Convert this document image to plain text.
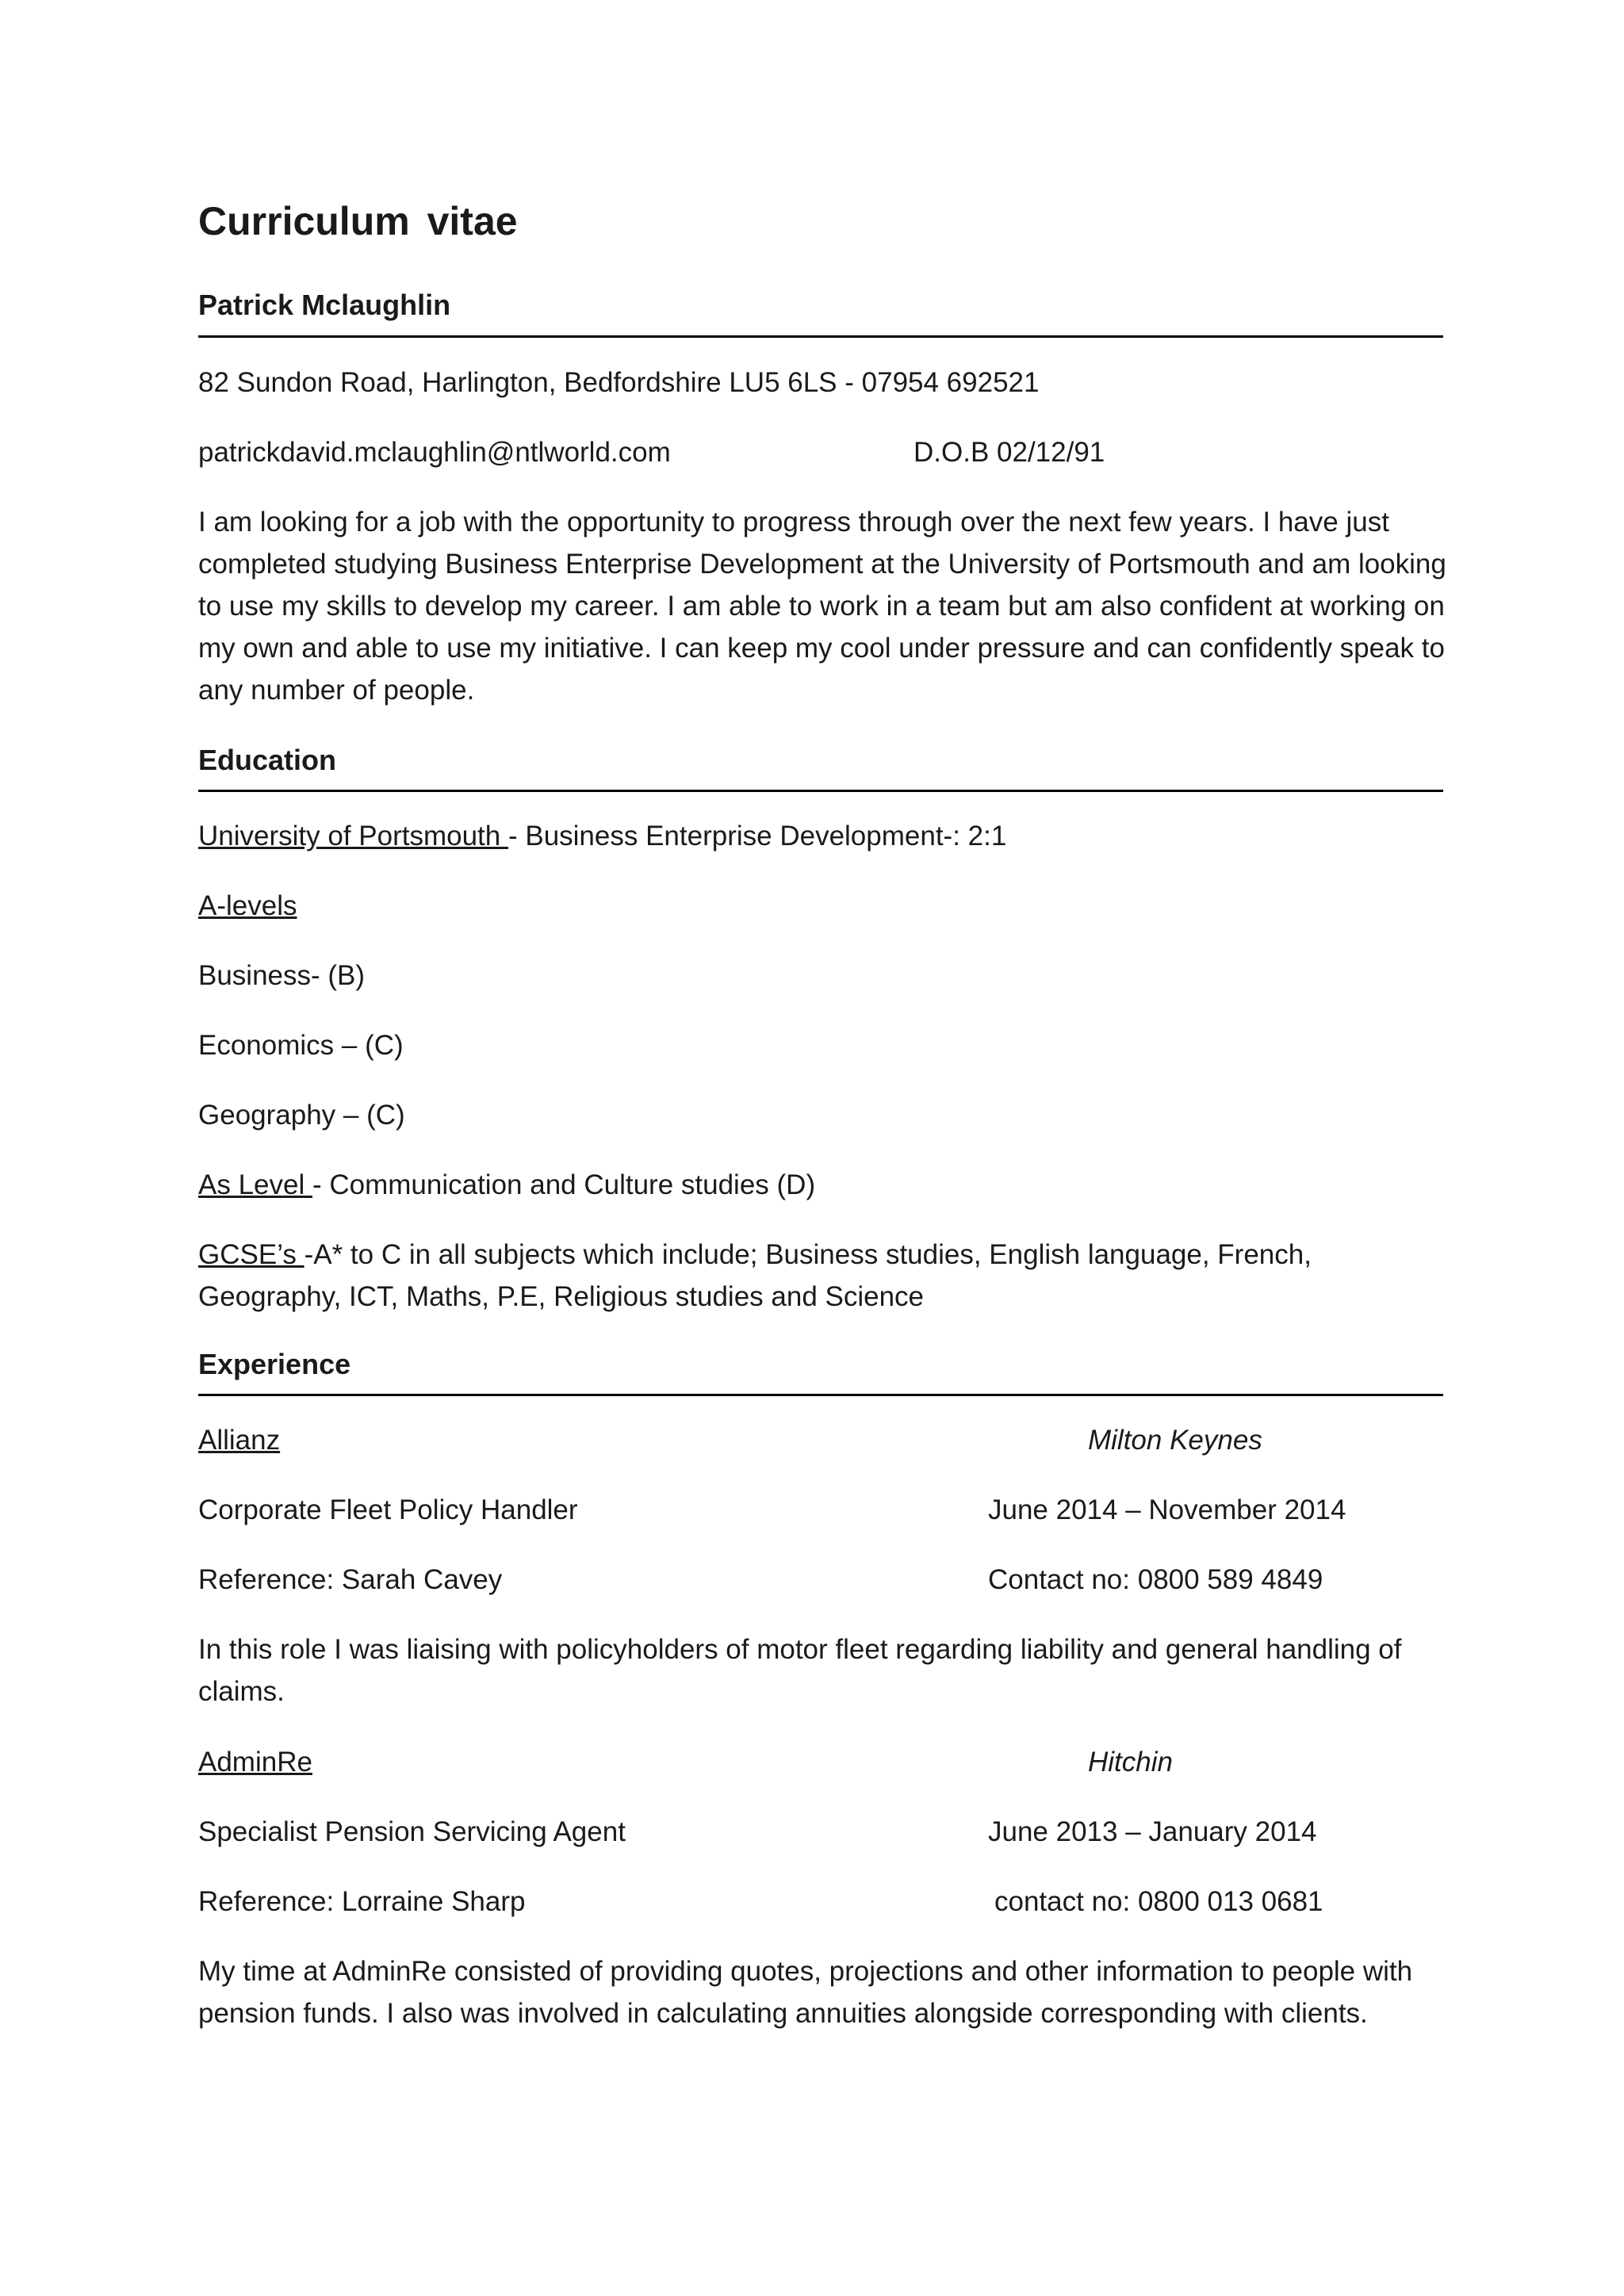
Curriculum vitae
Patrick Mclaughlin

82 Sundon Road, Harlington, Bedfordshire LU5 6LS - 07954 692521

patrickdavid.mclaughlin@ntlworld.com	D.O.B 02/12/91

I am looking for a job with the opportunity to progress through over the next few years. I have just completed studying Business Enterprise Development at the University of Portsmouth and am looking to use my skills to develop my career. I am able to work in a team but am also confident at working on my own and able to use my initiative. I can keep my cool under pressure and can confidently speak to any number of people.

Education

University of Portsmouth - Business Enterprise Development-: 2:1

A-levels

Business- (B)

Economics – (C)

Geography – (C)

As Level - Communication and Culture studies (D)

GCSE’s -A* to C in all subjects which include; Business studies, English language, French, Geography, ICT, Maths, P.E, Religious studies and Science

Experience

Allianz	Milton Keynes

Corporate Fleet Policy Handler	June 2014 – November 2014

Reference: Sarah Cavey	Contact no: 0800 589 4849

In this role I was liaising with policyholders of motor fleet regarding liability and general handling of claims.

AdminRe	Hitchin

Specialist Pension Servicing Agent	June 2013 – January 2014

Reference: Lorraine Sharp	contact no: 0800 013 0681

My time at AdminRe consisted of providing quotes, projections and other information to people with pension funds. I also was involved in calculating annuities alongside corresponding with clients.
